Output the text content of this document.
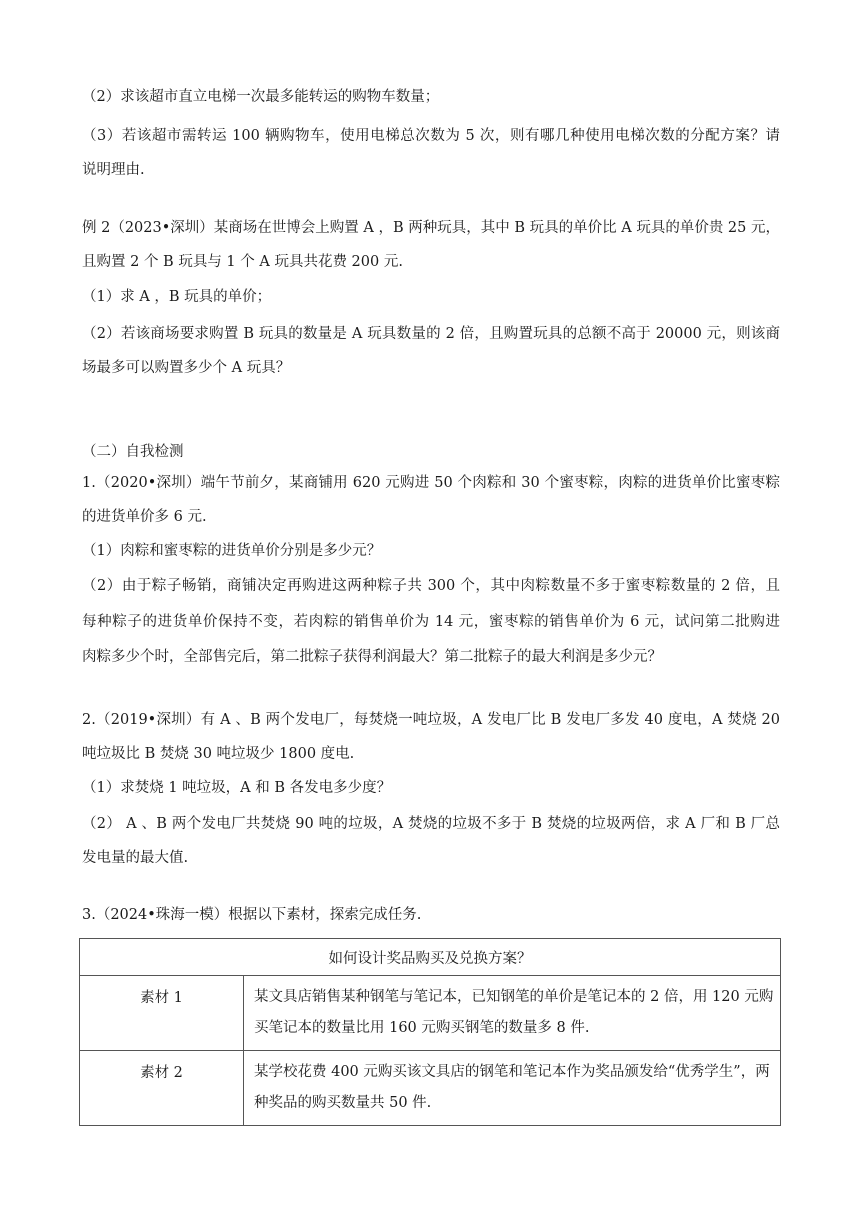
（2）求该超市直立电梯一次最多能转运的购物车数量；
（3）若该超市需转运 100 辆购物车，使用电梯总次数为 5 次，则有哪几种使用电梯次数的分配方案？请
说明理由.
例 2（2023•深圳）某商场在世博会上购置 A ，B 两种玩具，其中 B 玩具的单价比 A 玩具的单价贵 25 元，
且购置 2 个 B 玩具与 1 个 A 玩具共花费 200 元.
（1）求 A ，B 玩具的单价；
（2）若该商场要求购置 B 玩具的数量是 A 玩具数量的 2 倍，且购置玩具的总额不高于 20000 元，则该商
场最多可以购置多少个 A 玩具？
（二）自我检测
1.（2020•深圳）端午节前夕，某商铺用 620 元购进 50 个肉粽和 30 个蜜枣粽，肉粽的进货单价比蜜枣粽
的进货单价多 6 元.
（1）肉粽和蜜枣粽的进货单价分别是多少元？
（2）由于粽子畅销，商铺决定再购进这两种粽子共 300 个，其中肉粽数量不多于蜜枣粽数量的 2 倍，且
每种粽子的进货单价保持不变，若肉粽的销售单价为 14 元，蜜枣粽的销售单价为 6 元，试问第二批购进
肉粽多少个时，全部售完后，第二批粽子获得利润最大？第二批粽子的最大利润是多少元？
2.（2019•深圳）有 A 、B 两个发电厂，每焚烧一吨垃圾，A 发电厂比 B 发电厂多发 40 度电，A 焚烧 20
吨垃圾比 B 焚烧 30 吨垃圾少 1800 度电.
（1）求焚烧 1 吨垃圾，A 和 B 各发电多少度？
（2） A 、B 两个发电厂共焚烧 90 吨的垃圾，A 焚烧的垃圾不多于 B 焚烧的垃圾两倍，求 A 厂和 B 厂总
发电量的最大值.
3.（2024•珠海一模）根据以下素材，探索完成任务.
如何设计奖品购买及兑换方案？	
素材 1	某文具店销售某种钢笔与笔记本，已知钢笔的单价是笔记本的 2 倍，用 120 元购
买笔记本的数量比用 160 元购买钢笔的数量多 8 件.

素材 2	某学校花费 400 元购买该文具店的钢笔和笔记本作为奖品颁发给“优秀学生”，两
种奖品的购买数量共 50 件.
